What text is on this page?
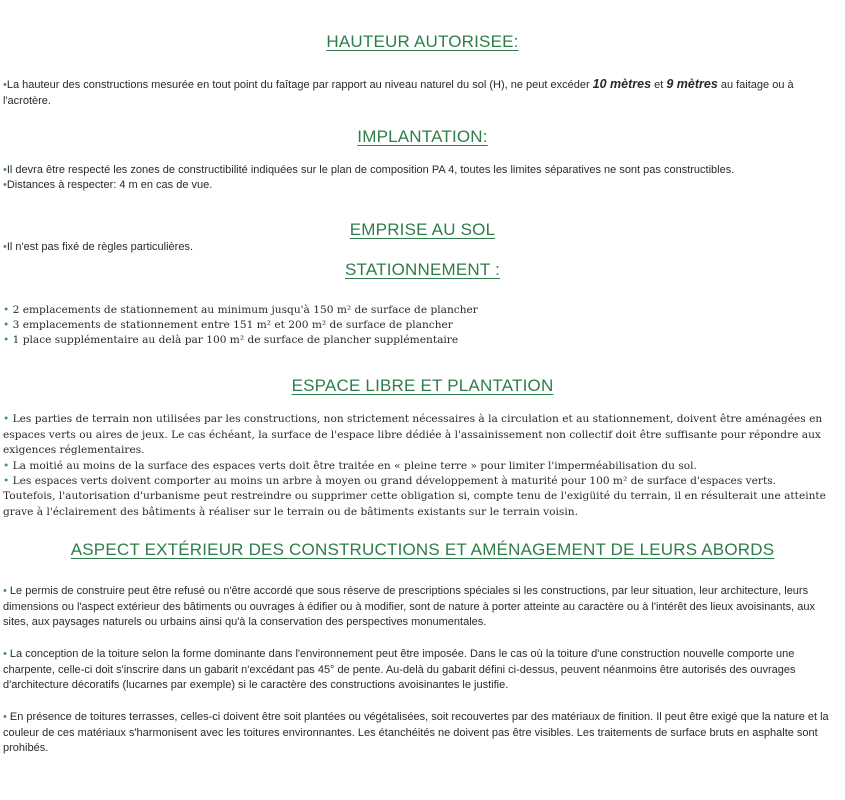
HAUTEUR AUTORISEE:

•La hauteur des constructions mesurée en tout point du faîtage par rapport au niveau naturel du sol (H), ne peut excéder 10 mètres et 9 mètres au faitage ou à l'acrotère.

IMPLANTATION:

•Il devra être respecté les zones de constructibilité indiquées sur le plan de composition PA 4, toutes les limites séparatives ne sont pas constructibles.

•Distances à respecter: 4 m en cas de vue.

EMPRISE AU SOL

•Il n'est pas fixé de règles particulières.

STATIONNEMENT :

• 2 emplacements de stationnement au minimum jusqu'à 150 m² de surface de plancher

• 3 emplacements de stationnement entre 151 m² et 200 m² de surface de plancher

• 1 place supplémentaire au delà par 100 m² de surface de plancher supplémentaire

ESPACE LIBRE ET PLANTATION

• Les parties de terrain non utilisées par les constructions, non strictement nécessaires à la circulation et au stationnement, doivent être aménagées en espaces verts ou aires de jeux. Le cas échéant, la surface de l'espace libre dédiée à l'assainissement non collectif doit être suffisante pour répondre aux exigences réglementaires.

• La moitié au moins de la surface des espaces verts doit être traitée en « pleine terre » pour limiter l'imperméabilisation du sol.

• Les espaces verts doivent comporter au moins un arbre à moyen ou grand développement à maturité pour 100 m² de surface d'espaces verts.

Toutefois, l'autorisation d'urbanisme peut restreindre ou supprimer cette obligation si, compte tenu de l'exigüité du terrain, il en résulterait une atteinte grave à l'éclairement des bâtiments à réaliser sur le terrain ou de bâtiments existants sur le terrain voisin.

ASPECT EXTÉRIEUR DES CONSTRUCTIONS ET AMÉNAGEMENT DE LEURS ABORDS

• Le permis de construire peut être refusé ou n'être accordé que sous réserve de prescriptions spéciales si les constructions, par leur situation, leur architecture, leurs dimensions ou l'aspect extérieur des bâtiments ou ouvrages à édifier ou à modifier, sont de nature à porter atteinte au caractère ou à l'intérêt des lieux avoisinants, aux sites, aux paysages naturels ou urbains ainsi qu'à la conservation des perspectives monumentales.

• La conception de la toiture selon la forme dominante dans l'environnement peut être imposée. Dans le cas où la toiture d'une construction nouvelle comporte une charpente, celle-ci doit s'inscrire dans un gabarit n'excédant pas 45° de pente. Au-delà du gabarit défini ci-dessus, peuvent néanmoins être autorisés des ouvrages d'architecture décoratifs (lucarnes par exemple) si le caractère des constructions avoisinantes le justifie.

• En présence de toitures terrasses, celles-ci doivent être soit plantées ou végétalisées, soit recouvertes par des matériaux de finition. Il peut être exigé que la nature et la couleur de ces matériaux s'harmonisent avec les toitures environnantes. Les étanchéités ne doivent pas être visibles. Les traitements de surface bruts en asphalte sont prohibés.
